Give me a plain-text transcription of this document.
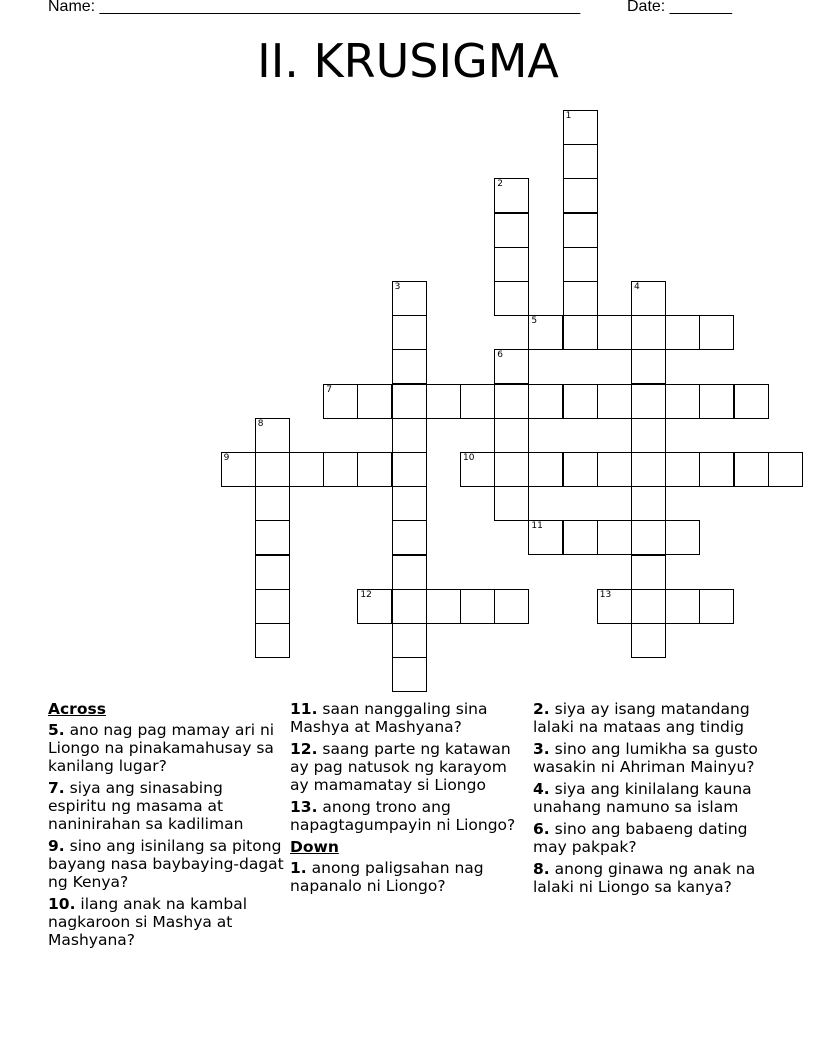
Name: ______________________________________________________	Date: _______
II. KRUSIGMA
1
2
3	4
5
6
7
8
9	10
11
12	13
Across
5. ano nag pag mamay ari ni Liongo na pinakamahusay sa kanilang lugar?
7. siya ang sinasabing espiritu ng masama at naninirahan sa kadiliman
9. sino ang isinilang sa pitong bayang nasa baybaying-dagat ng Kenya?
10. ilang anak na kambal nagkaroon si Mashya at Mashyana?
11. saan nanggaling sina Mashya at Mashyana?
12. saang parte ng katawan ay pag natusok ng karayom ay mamamatay si Liongo
13. anong trono ang napagtagumpayin ni Liongo?
Down
1. anong paligsahan nag napanalo ni Liongo?
2. siya ay isang matandang lalaki na mataas ang tindig
3. sino ang lumikha sa gusto wasakin ni Ahriman Mainyu?
4. siya ang kinilalang kauna unahang namuno sa islam
6. sino ang babaeng dating may pakpak?
8. anong ginawa ng anak na lalaki ni Liongo sa kanya?
